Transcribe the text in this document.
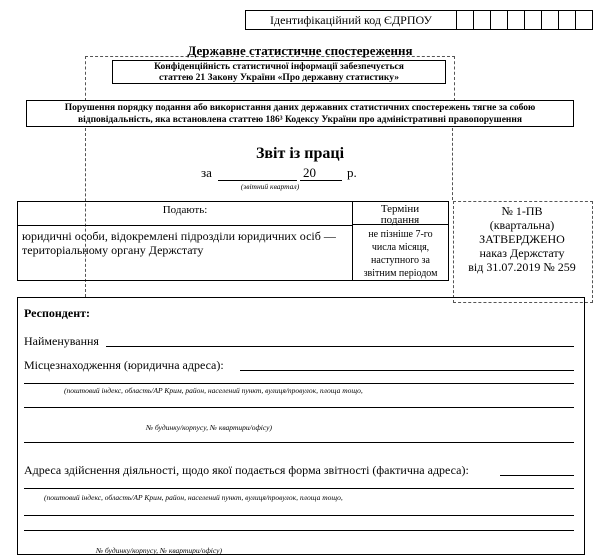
Ідентифікаційний код ЄДРПОУ
Державне статистичне спостереження
Конфіденційність статистичної інформації забезпечується
статтею 21 Закону України «Про державну статистику»
Порушення порядку подання або використання даних державних статистичних спостережень тягне за собою
відповідальність, яка встановлена статтею 186³ Кодексу України про адміністративні правопорушення
Звіт із праці
за	20 р.
(звітний квартал)
Подають:	Терміни
подання
юридичні особи, відокремлені підрозділи юридичних осіб — територіальному органу Держстату
не пізніше 7-го
числа місяця,
наступного за
звітним періодом
№ 1-ПВ
(квартальна)
ЗАТВЕРДЖЕНО
наказ Держстату
від 31.07.2019 № 259
Респондент:
Найменування
Місцезнаходження (юридична адреса):
(поштовий індекс, область/АР Крим, район, населений пункт, вулиця/провулок, площа тощо,
№ будинку/корпусу, № квартири/офісу)
Адреса здійснення діяльності, щодо якої подається форма звітності (фактична адреса):
(поштовий індекс, область/АР Крим, район, населений пункт, вулиця/провулок, площа тощо,
№ будинку/корпусу, № квартири/офісу)
